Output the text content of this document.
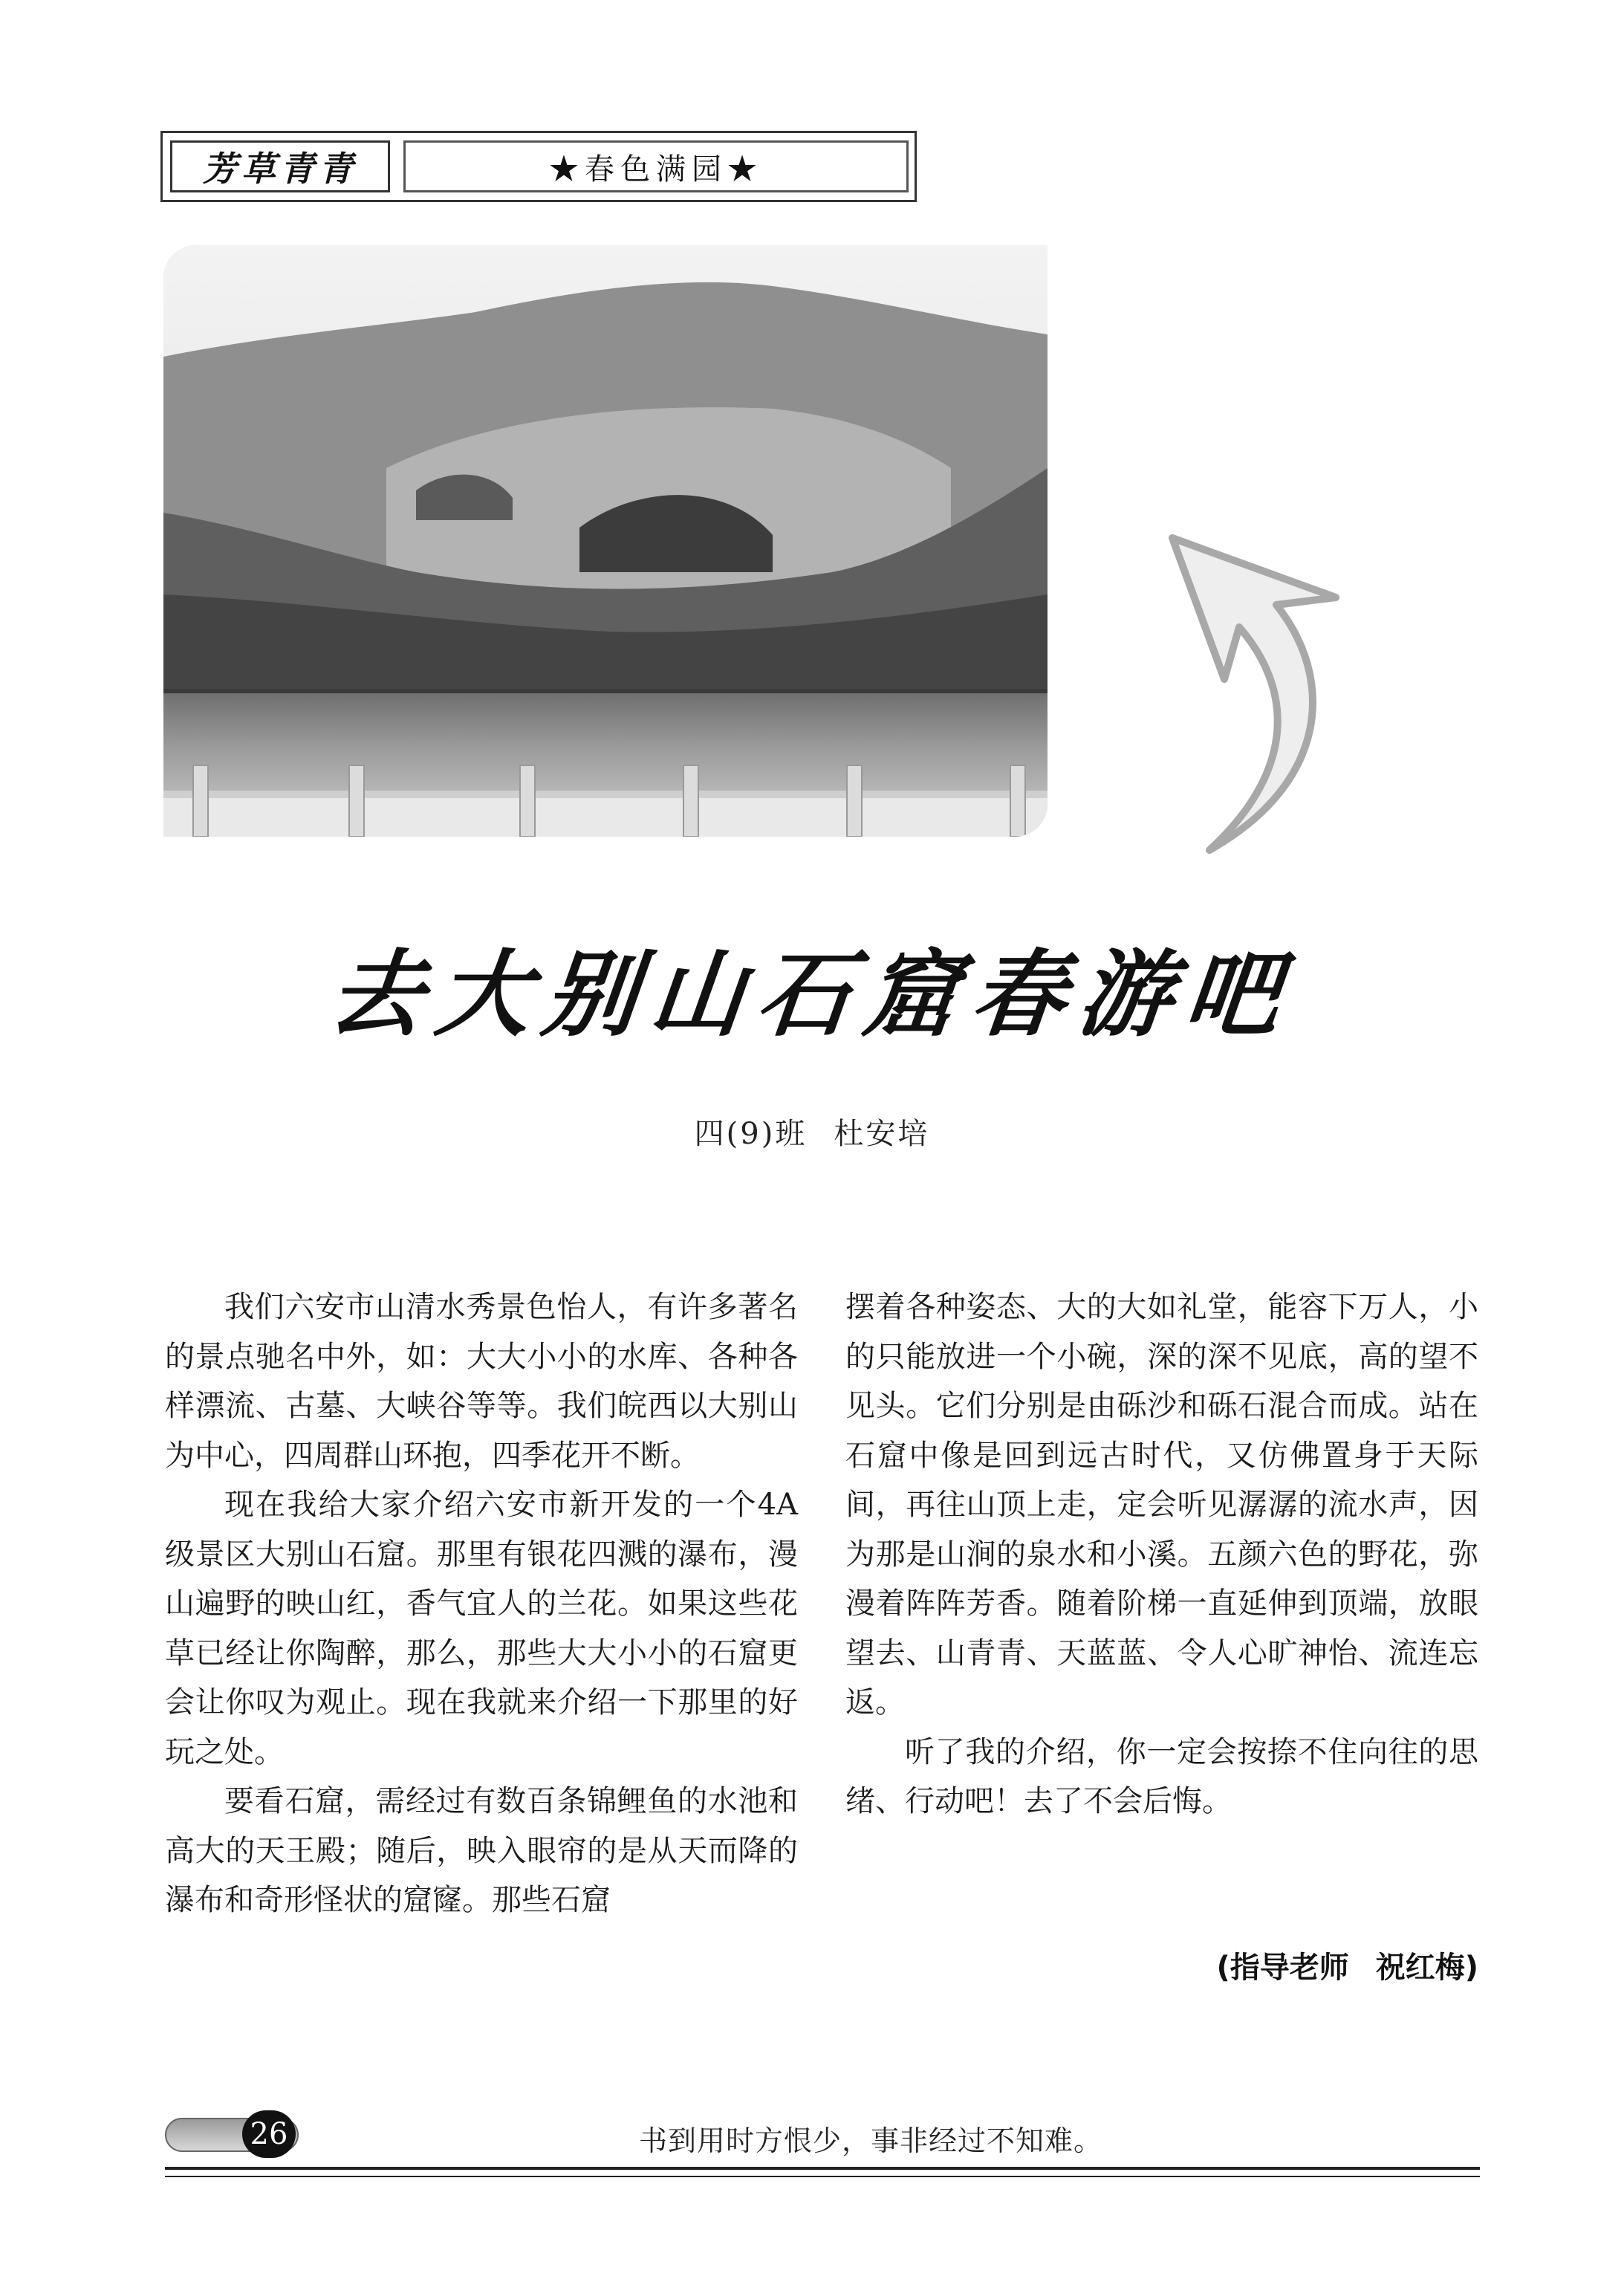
芳草青青	★春色满园★
去大别山石窟春游吧
四(9)班 杜安培

我们六安市山清水秀景色怡人，有许多著名的景点驰名中外，如：大大小小的水库、各种各样漂流、古墓、大峡谷等等。我们皖西以大别山为中心，四周群山环抱，四季花开不断。

现在我给大家介绍六安市新开发的一个4A级景区大别山石窟。那里有银花四溅的瀑布，漫山遍野的映山红，香气宜人的兰花。如果这些花草已经让你陶醉，那么，那些大大小小的石窟更会让你叹为观止。现在我就来介绍一下那里的好玩之处。

要看石窟，需经过有数百条锦鲤鱼的水池和高大的天王殿；随后，映入眼帘的是从天而降的瀑布和奇形怪状的窟窿。那些石窟

摆着各种姿态、大的大如礼堂，能容下万人，小的只能放进一个小碗，深的深不见底，高的望不见头。它们分别是由砾沙和砾石混合而成。站在石窟中像是回到远古时代，又仿佛置身于天际间，再往山顶上走，定会听见潺潺的流水声，因为那是山涧的泉水和小溪。五颜六色的野花，弥漫着阵阵芳香。随着阶梯一直延伸到顶端，放眼望去、山青青、天蓝蓝、令人心旷神怡、流连忘返。

听了我的介绍，你一定会按捺不住向往的思绪、行动吧！去了不会后悔。

(指导老师 祝红梅)
26	书到用时方恨少，事非经过不知难。
